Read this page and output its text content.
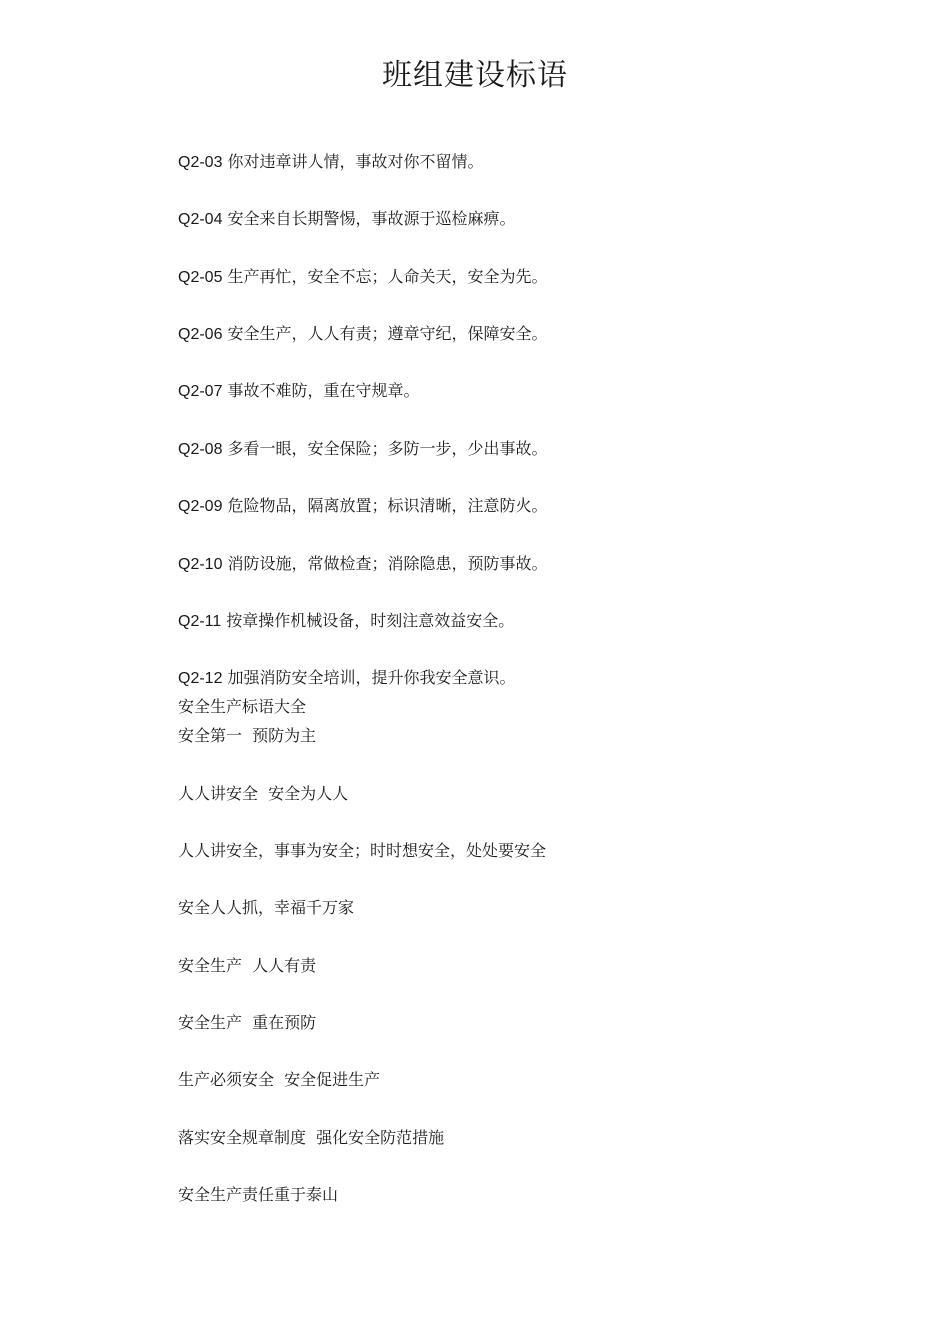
班组建设标语
Q2-03 你对违章讲人情，事故对你不留情。
Q2-04 安全来自长期警惕，事故源于巡检麻痹。
Q2-05 生产再忙，安全不忘；人命关天，安全为先。
Q2-06 安全生产，人人有责；遵章守纪，保障安全。
Q2-07 事故不难防，重在守规章。
Q2-08 多看一眼，安全保险；多防一步，少出事故。
Q2-09 危险物品，隔离放置；标识清晰，注意防火。
Q2-10 消防设施，常做检查；消除隐患，预防事故。
Q2-11 按章操作机械设备，时刻注意效益安全。
Q2-12 加强消防安全培训，提升你我安全意识。
安全生产标语大全
安全第一  预防为主
人人讲安全  安全为人人
人人讲安全，事事为安全；时时想安全，处处要安全
安全人人抓，幸福千万家
安全生产  人人有责
安全生产  重在预防
生产必须安全  安全促进生产
落实安全规章制度  强化安全防范措施
安全生产责任重于泰山
